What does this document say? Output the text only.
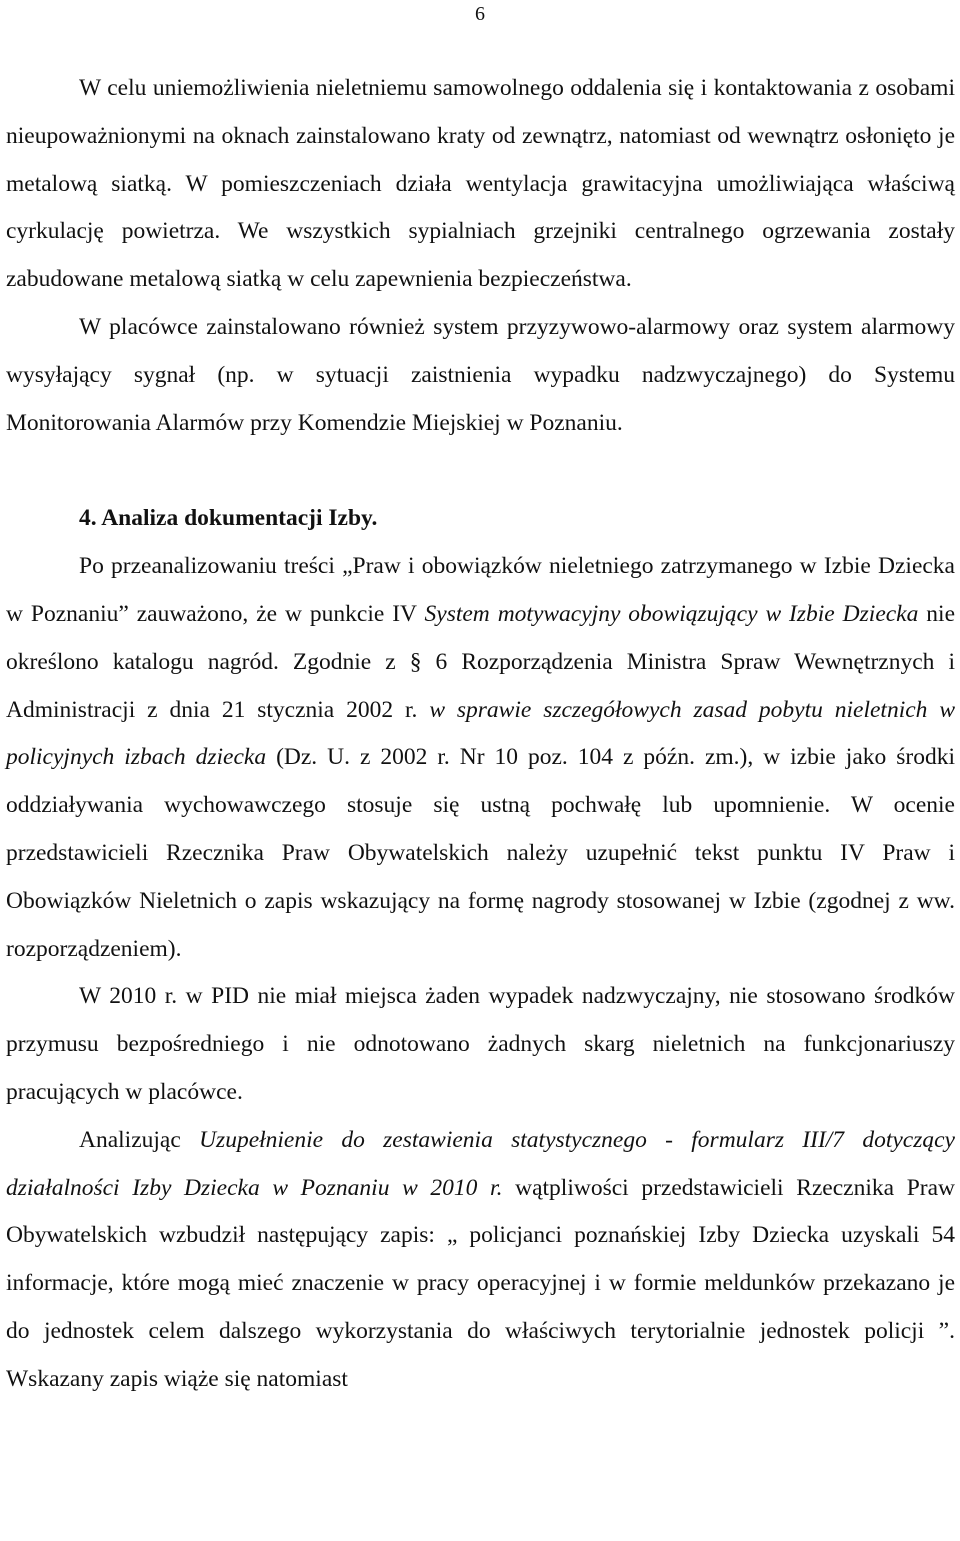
6

W celu uniemożliwienia nieletniemu samowolnego oddalenia się i kontaktowania z osobami nieupoważnionymi na oknach zainstalowano kraty od zewnątrz, natomiast od wewnątrz osłonięto je metalową siatką. W pomieszczeniach działa wentylacja grawitacyjna umożliwiająca właściwą cyrkulację powietrza. We wszystkich sypialniach grzejniki centralnego ogrzewania zostały zabudowane metalową siatką w celu zapewnienia bezpieczeństwa.

W placówce zainstalowano również system przyzywowo-alarmowy oraz system alarmowy wysyłający sygnał (np. w sytuacji zaistnienia wypadku nadzwyczajnego) do Systemu Monitorowania Alarmów przy Komendzie Miejskiej w Poznaniu.

4. Analiza dokumentacji Izby.

Po przeanalizowaniu treści „Praw i obowiązków nieletniego zatrzymanego w Izbie Dziecka w Poznaniu” zauważono, że w punkcie IV System motywacyjny obowiązujący w Izbie Dziecka nie określono katalogu nagród. Zgodnie z § 6 Rozporządzenia Ministra Spraw Wewnętrznych i Administracji z dnia 21 stycznia 2002 r. w sprawie szczegółowych zasad pobytu nieletnich w policyjnych izbach dziecka (Dz. U. z 2002 r. Nr 10 poz. 104 z późn. zm.), w izbie jako środki oddziaływania wychowawczego stosuje się ustną pochwałę lub upomnienie. W ocenie przedstawicieli Rzecznika Praw Obywatelskich należy uzupełnić tekst punktu IV Praw i Obowiązków Nieletnich o zapis wskazujący na formę nagrody stosowanej w Izbie (zgodnej z ww. rozporządzeniem).

W 2010 r. w PID nie miał miejsca żaden wypadek nadzwyczajny, nie stosowano środków przymusu bezpośredniego i nie odnotowano żadnych skarg nieletnich na funkcjonariuszy pracujących w placówce.

Analizując Uzupełnienie do zestawienia statystycznego - formularz III/7 dotyczący działalności Izby Dziecka w Poznaniu w 2010 r. wątpliwości przedstawicieli Rzecznika Praw Obywatelskich wzbudził następujący zapis: „ policjanci poznańskiej Izby Dziecka uzyskali 54 informacje, które mogą mieć znaczenie w pracy operacyjnej i w formie meldunków przekazano je do jednostek celem dalszego wykorzystania do właściwych terytorialnie jednostek policji ”. Wskazany zapis wiąże się natomiast
